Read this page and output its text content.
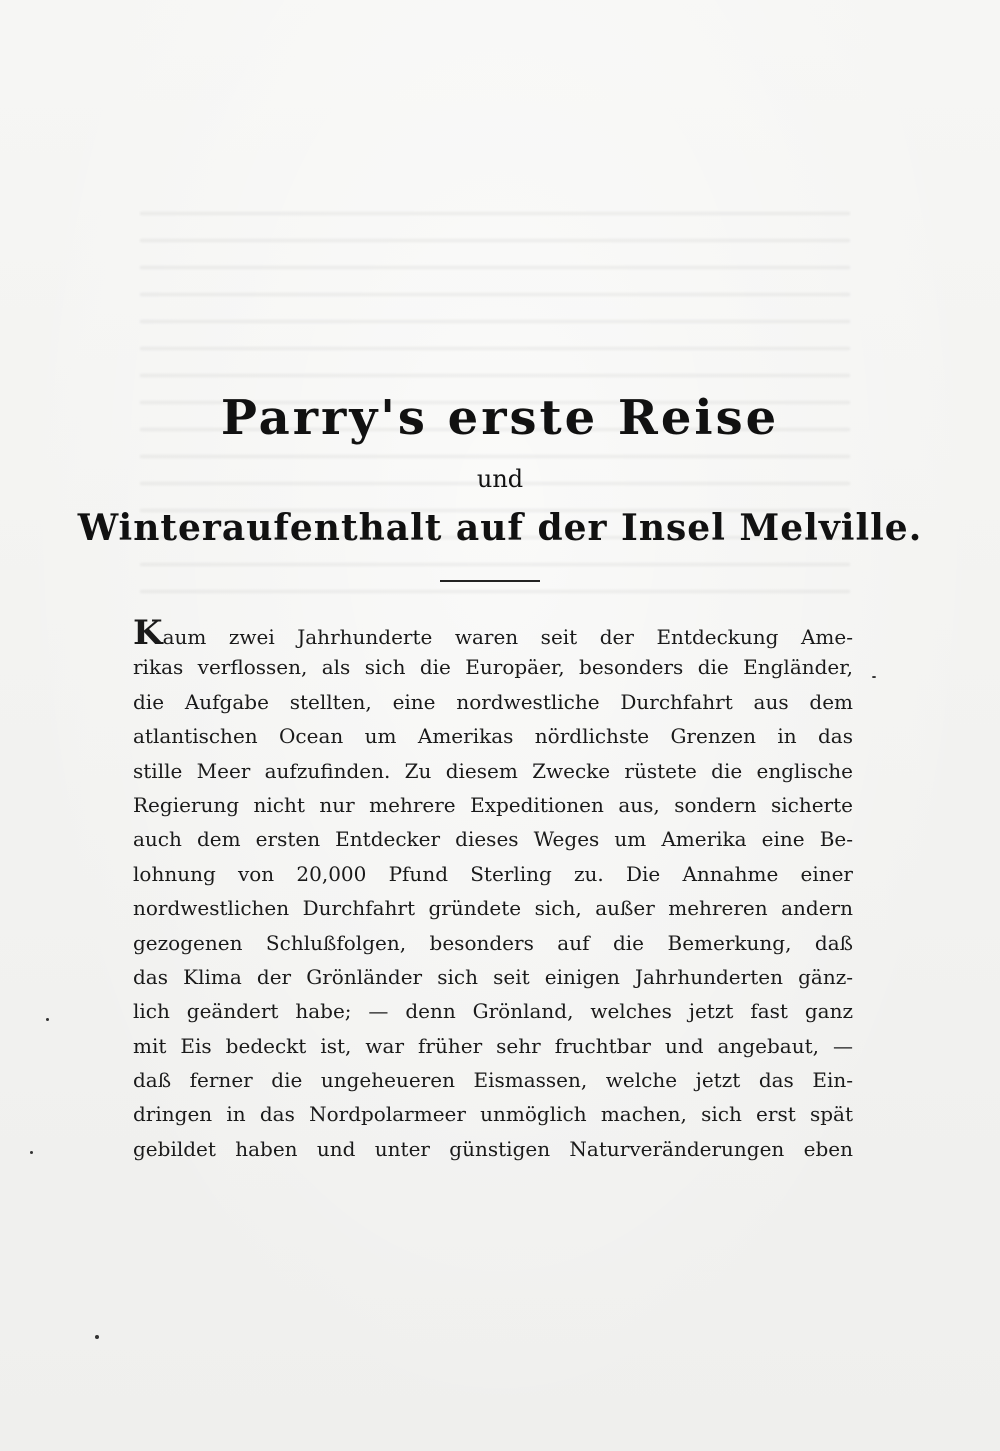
Parry's erste Reise
und
Winteraufenthalt auf der Insel Melville.
Kaum zwei Jahrhunderte waren seit der Entdeckung Ame-
rikas verflossen, als sich die Europäer, besonders die Engländer,
die Aufgabe stellten, eine nordwestliche Durchfahrt aus dem
atlantischen Ocean um Amerikas nördlichste Grenzen in das
stille Meer aufzufinden. Zu diesem Zwecke rüstete die englische
Regierung nicht nur mehrere Expeditionen aus, sondern sicherte
auch dem ersten Entdecker dieses Weges um Amerika eine Be-
lohnung von 20,000 Pfund Sterling zu. Die Annahme einer
nordwestlichen Durchfahrt gründete sich, außer mehreren andern
gezogenen Schlußfolgen, besonders auf die Bemerkung, daß
das Klima der Grönländer sich seit einigen Jahrhunderten gänz-
lich geändert habe; — denn Grönland, welches jetzt fast ganz
mit Eis bedeckt ist, war früher sehr fruchtbar und angebaut, —
daß ferner die ungeheueren Eismassen, welche jetzt das Ein-
dringen in das Nordpolarmeer unmöglich machen, sich erst spät
gebildet haben und unter günstigen Naturveränderungen eben
